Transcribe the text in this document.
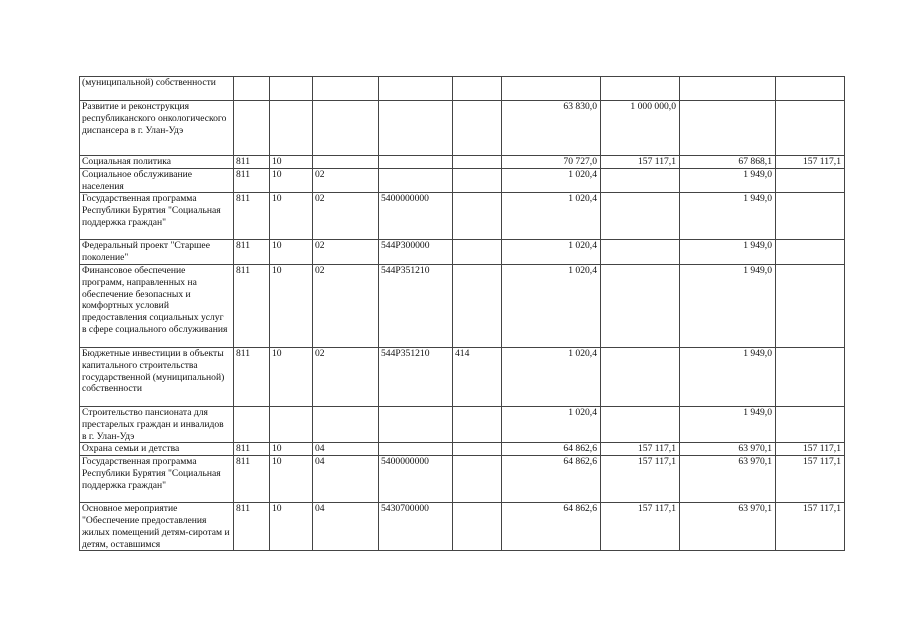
(муниципальной) собственности									
Развитие и реконструкция республиканского онкологического диспансера в г. Улан-Удэ						63 830,0	1 000 000,0		
Социальная политика	811	10				70 727,0	157 117,1	67 868,1	157 117,1
Социальное обслуживание населения	811	10	02			1 020,4		1 949,0	
Государственная программа Республики Бурятия "Социальная поддержка граждан"	811	10	02	5400000000		1 020,4		1 949,0	
Федеральный проект "Старшее поколение"	811	10	02	544P300000		1 020,4		1 949,0	
Финансовое обеспечение программ, направленных на обеспечение безопасных и комфортных условий предоставления социальных услуг в сфере социального обслуживания	811	10	02	544P351210		1 020,4		1 949,0	
Бюджетные инвестиции в объекты капитального строительства государственной (муниципальной) собственности	811	10	02	544P351210	414	1 020,4		1 949,0	
Строительство пансионата для престарелых граждан и инвалидов в г. Улан-Удэ						1 020,4		1 949,0	
Охрана семьи и детства	811	10	04			64 862,6	157 117,1	63 970,1	157 117,1
Государственная программа Республики Бурятия "Социальная поддержка граждан"	811	10	04	5400000000		64 862,6	157 117,1	63 970,1	157 117,1
Основное мероприятие "Обеспечение предоставления жилых помещений детям-сиротам и детям, оставшимся	811	10	04	5430700000		64 862,6	157 117,1	63 970,1	157 117,1
